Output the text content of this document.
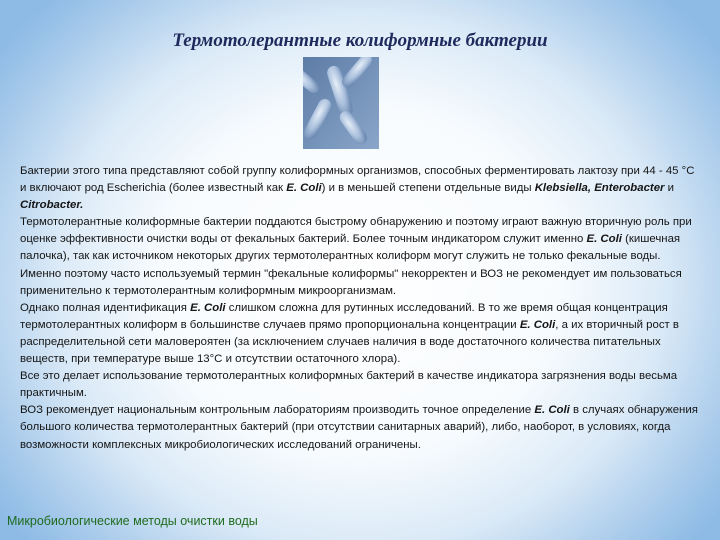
Термотолерантные колиформные бактерии

Бактерии этого типа представляют собой группу колиформных организмов, способных ферментировать лактозу при 44 - 45 °С и включают род Escherichia (более известный как E. Coli) и в меньшей степени отдельные виды Klebsiella, Enterobacter и Citrobacter.

Термотолерантные колиформные бактерии поддаются быстрому обнаружению и поэтому играют важную вторичную роль при оценке эффективности очистки воды от фекальных бактерий. Более точным индикатором служит именно E. Coli (кишечная палочка), так как источником некоторых других термотолерантных колиформ могут служить не только фекальные воды. Именно поэтому часто используемый термин "фекальные колиформы" некорректен и ВОЗ не рекомендует им пользоваться применительно к термотолерантным колиформным микроорганизмам.

Однако полная идентификация E. Coli слишком сложна для рутинных исследований. В то же время общая концентрация термотолерантных колиформ в большинстве случаев прямо пропорциональна концентрации E. Coli, а их вторичный рост в распределительной сети маловероятен (за исключением случаев наличия в воде достаточного количества питательных веществ, при температуре выше 13°С и отсутствии остаточного хлора).

Все это делает использование термотолерантных колиформных бактерий в качестве индикатора загрязнения воды весьма практичным.

ВОЗ рекомендует национальным контрольным лабораториям производить точное определение E. Coli в случаях обнаружения большого количества термотолерантных бактерий (при отсутствии санитарных аварий), либо, наоборот, в условиях, когда возможности комплексных микробиологических исследований ограничены.

Микробиологические методы очистки воды
